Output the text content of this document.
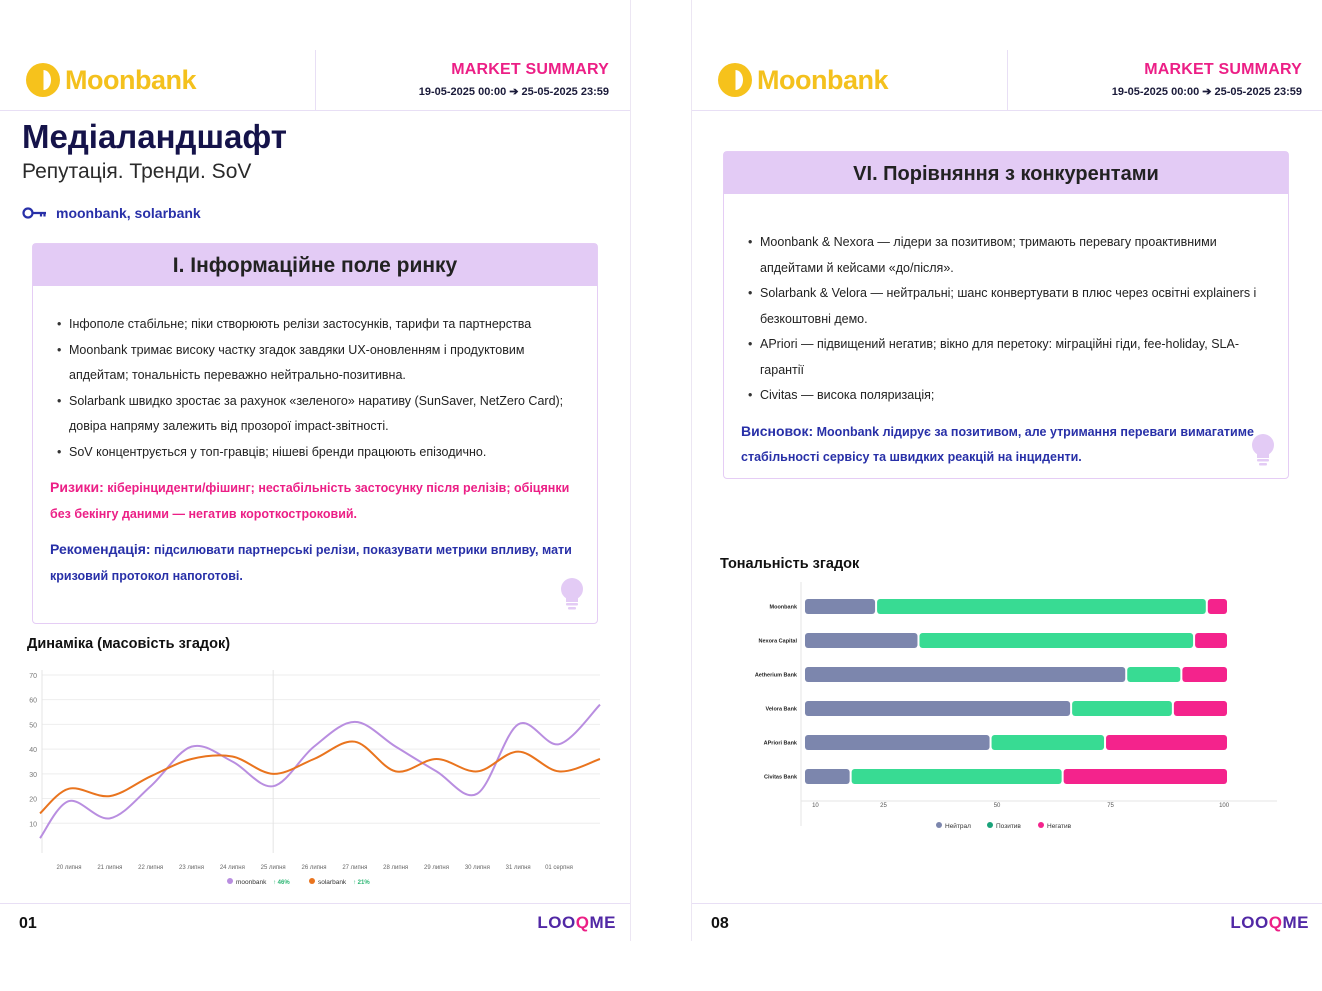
Moonbank	MARKET SUMMARY
19-05-2025 00:00 ➔ 25-05-2025 23:59
Медіаландшафт
Репутація. Тренди. SoV
moonbank, solarbank
I. Інформаційне поле ринку
• Інфополе стабільне; піки створюють релізи застосунків, тарифи та партнерства
• Moonbank тримає високу частку згадок завдяки UX-оновленням і продуктовим апдейтам; тональність переважно нейтрально-позитивна.
• Solarbank швидко зростає за рахунок «зеленого» наративу (SunSaver, NetZero Card); довіра напряму залежить від прозорої impact-звітності.
• SoV концентрується у топ-гравців; нішеві бренди працюють епізодично.
Ризики: кіберінциденти/фішинг; нестабільність застосунку після релізів; обіцянки без бекінгу даними — негатив короткостроковий.
Рекомендація: підсилювати партнерські релізи, показувати метрики впливу, мати кризовий протокол напоготові.
Динаміка (масовість згадок)
10
20
30
40
50
60
70
20 липня	21 липня	22 липня	23 липня	24 липня	25 липня	26 липня	27 липня	28 липня	29 липня	30 липня	31 липня 01 серпня
moonbank ↑ 46%	solarbank ↑ 21%
01	LOOQME
Moonbank	MARKET SUMMARY
19-05-2025 00:00 ➔ 25-05-2025 23:59
VI. Порівняння з конкурентами
• Moonbank & Nexora — лідери за позитивом; тримають перевагу проактивними апдейтами й кейсами «до/після».
• Solarbank & Velora — нейтральні; шанс конвертувати в плюс через освітні explainers і безкоштовні демо.
• APriori — підвищений негатив; вікно для перетоку: міграційні гіди, fee-holiday, SLA-гарантії
• Civitas — висока поляризація;
Висновок: Moonbank лідирує за позитивом, але утримання переваги вимагатиме стабільності сервісу та швидких реакцій на інциденти.
Тональність згадок
Moonbank
Nexora Capital
Aetherium Bank
Velora Bank
APriori Bank
Civitas Bank
10	25	50	75	100
Нейтрал	Позитив	Негатив
08	LOOQME
